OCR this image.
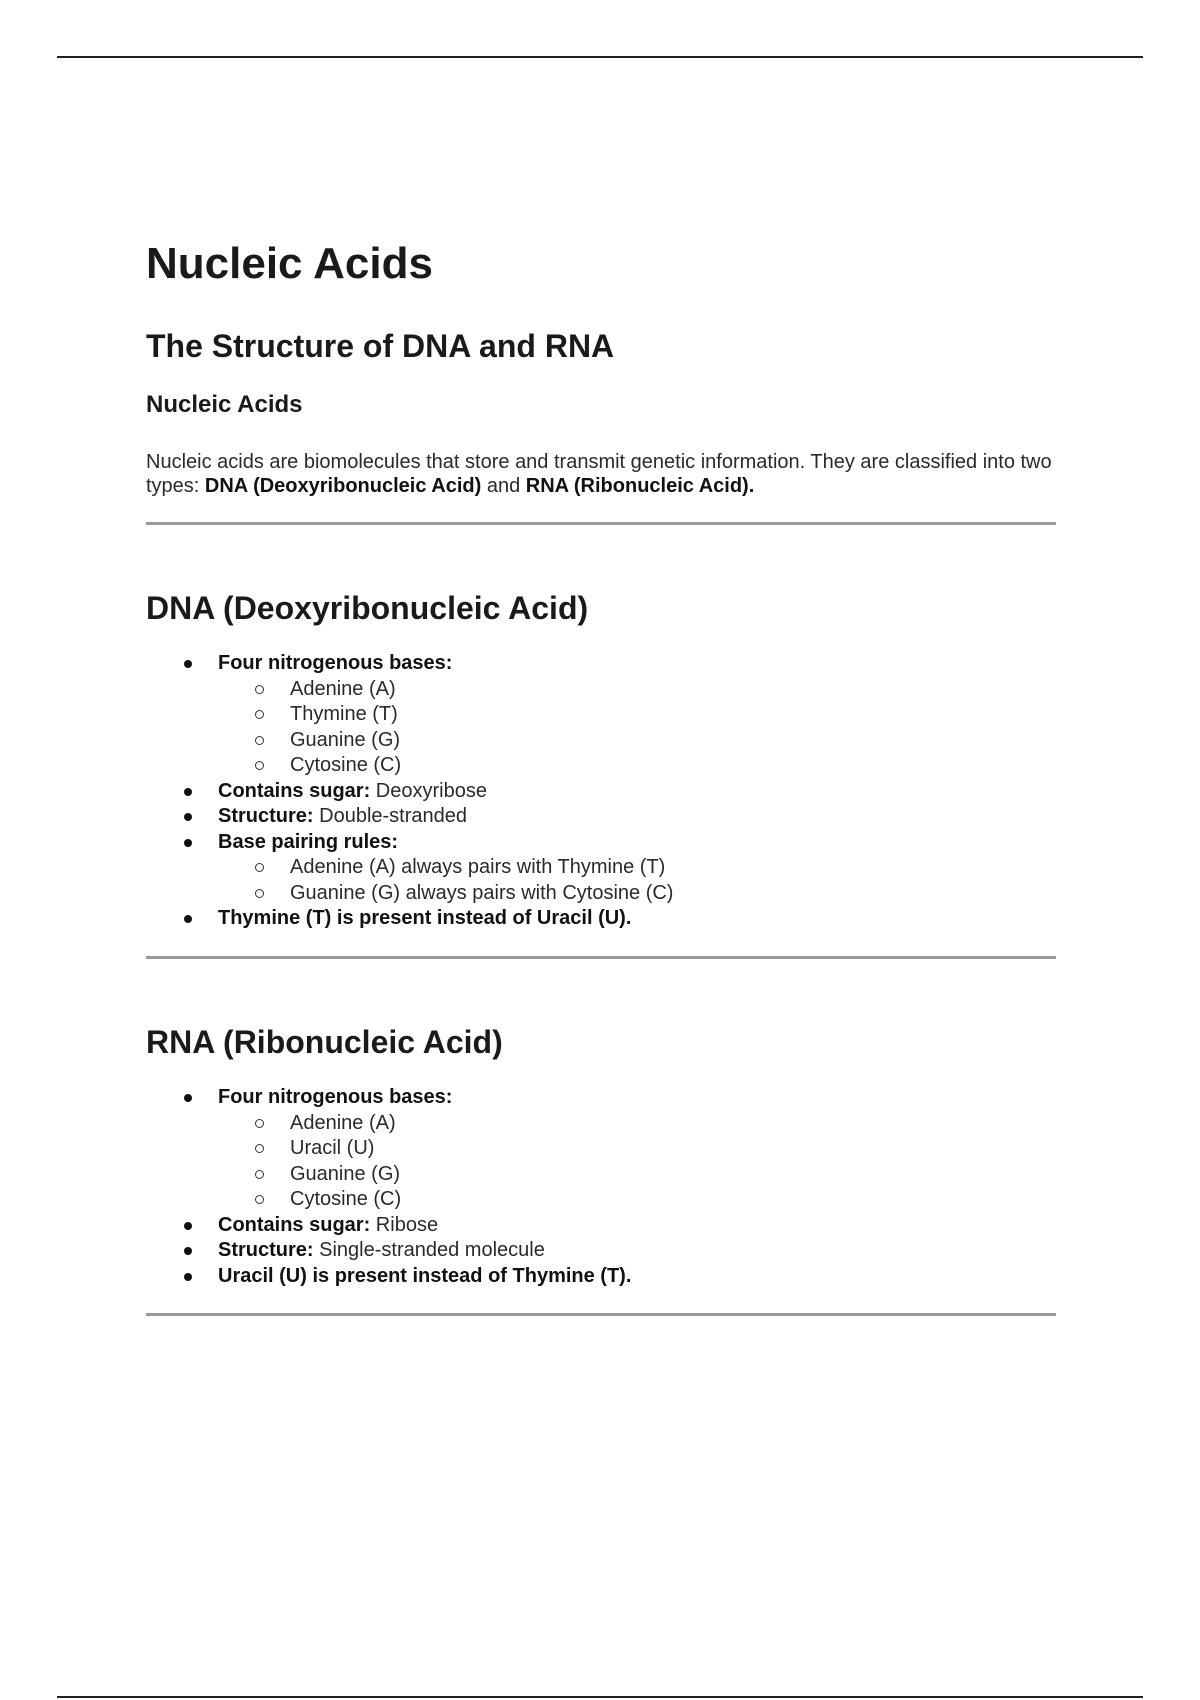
Nucleic Acids
The Structure of DNA and RNA
Nucleic Acids

Nucleic acids are biomolecules that store and transmit genetic information. They are classified into two types: DNA (Deoxyribonucleic Acid) and RNA (Ribonucleic Acid).

DNA (Deoxyribonucleic Acid)
Four nitrogenous bases:
Adenine (A)
Thymine (T)
Guanine (G)
Cytosine (C)
Contains sugar: Deoxyribose
Structure: Double-stranded
Base pairing rules:
Adenine (A) always pairs with Thymine (T)
Guanine (G) always pairs with Cytosine (C)
Thymine (T) is present instead of Uracil (U).
RNA (Ribonucleic Acid)
Four nitrogenous bases:
Adenine (A)
Uracil (U)
Guanine (G)
Cytosine (C)
Contains sugar: Ribose
Structure: Single-stranded molecule
Uracil (U) is present instead of Thymine (T).
